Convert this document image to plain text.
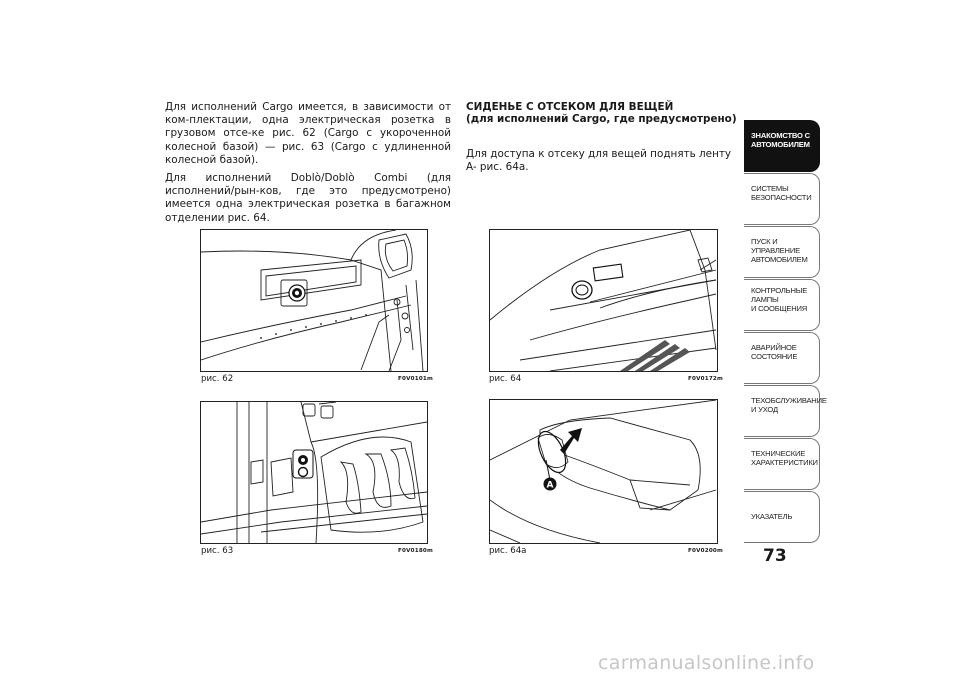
Для исполнений Cargo имеется, в зависимости от ком-плектации, одна электрическая розетка в грузовом отсе-ке рис. 62 (Cargo с укороченной колесной базой) — рис. 63 (Cargo с удлиненной колесной базой).

Для исполнений Doblò/Doblò Combi (для исполнений/рын-ков, где это предусмотрено) имеется одна электрическая розетка в багажном отделении рис. 64.

СИДЕНЬЕ С ОТСЕКОМ ДЛЯ ВЕЩЕЙ
(для исполнений Cargo, где предусмотрено)

Для доступа к отсеку для вещей поднять ленту A- рис. 64a.

рис. 62	F0V0101m
рис. 63	F0V0180m
рис. 64	F0V0172m
A
рис. 64a	F0V0200m
ЗНАКОМСТВО С
АВТОМОБИЛЕМ
СИСТЕМЫ
БЕЗОПАСНОСТИ
ПУСК И УПРАВЛЕНИЕ
АВТОМОБИЛЕМ
КОНТРОЛЬНЫЕ
ЛАМПЫ
И СООБЩЕНИЯ
АВАРИЙНОЕ
СОСТОЯНИЕ
ТЕХОБСЛУЖИВАНИЕ
И УХОД
ТЕХНИЧЕСКИЕ
ХАРАКТЕРИСТИКИ
УКАЗАТЕЛЬ
73
carmanualsonline.info
